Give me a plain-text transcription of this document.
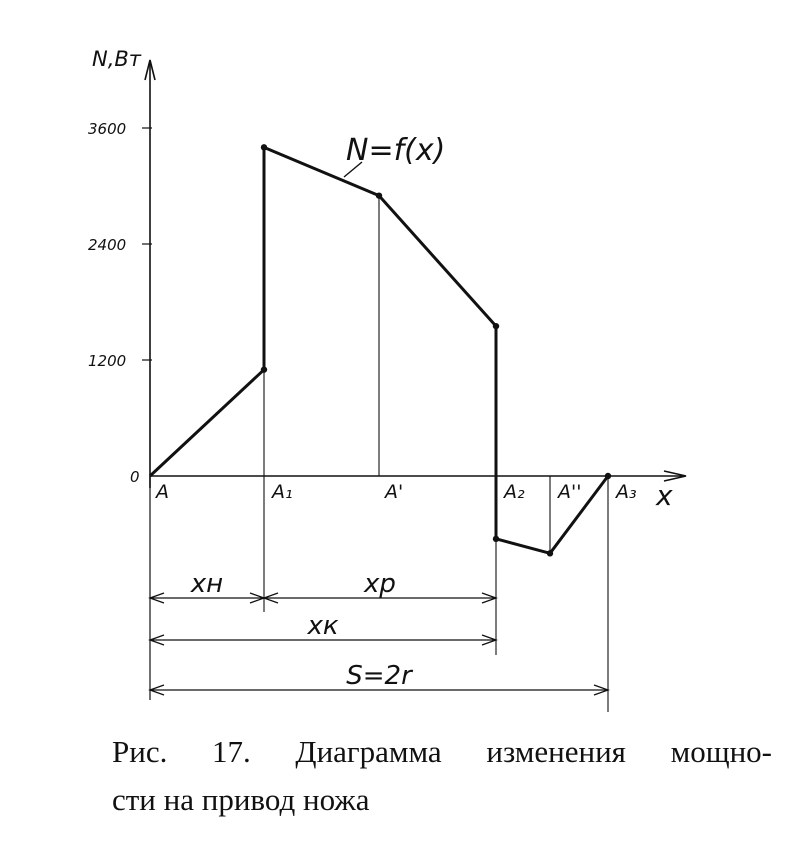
N,Вт
x
0
1200
2400
3600
A	A₁	A'	A₂ A'' A₃
xн	xр
xк
S=2r
N=f(x)
Рис. 17. Диаграмма изменения мощно-
сти на привод ножа
